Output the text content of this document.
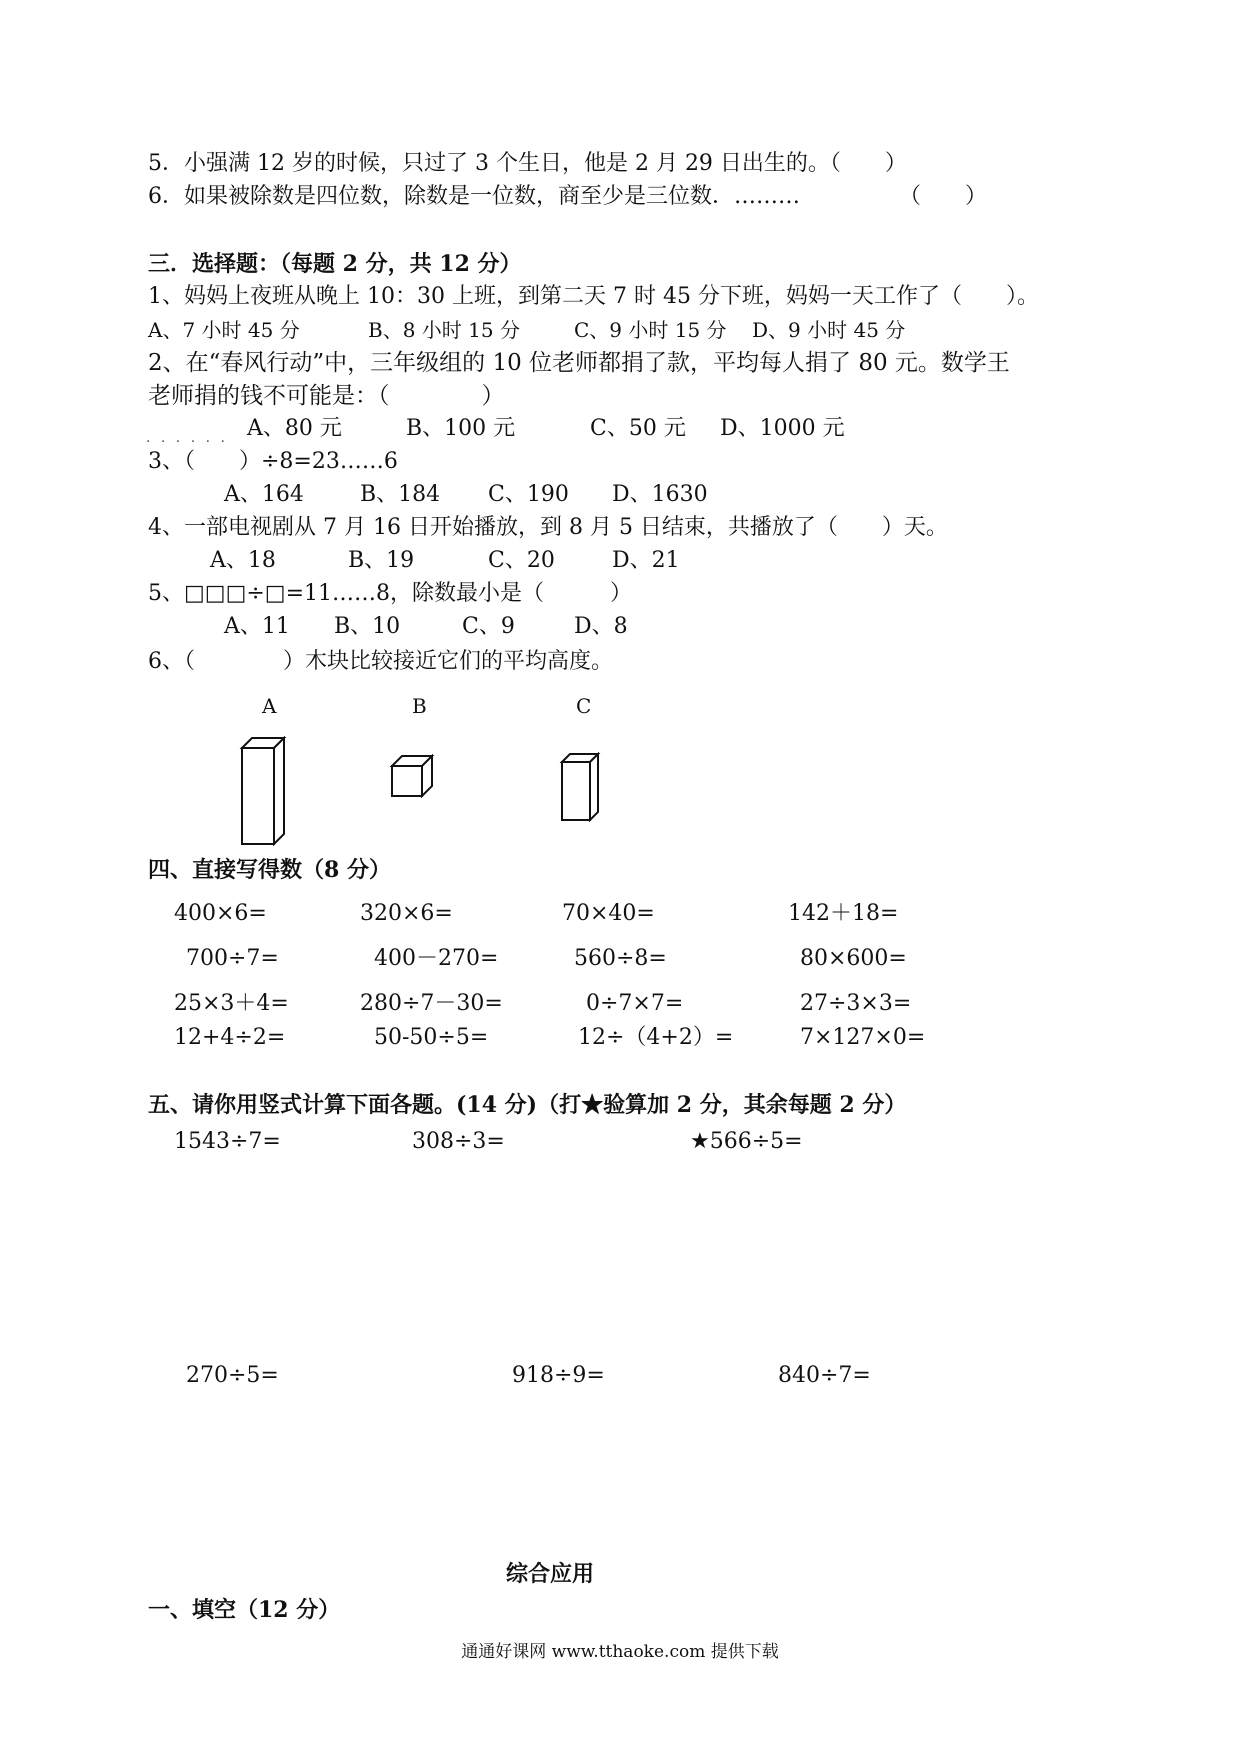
5．小强满 12 岁的时候，只过了 3 个生日，他是 2 月 29 日出生的。（　　）
6．如果被除数是四位数，除数是一位数，商至少是三位数．………　　　　　（　　）
三．选择题：（每题 2 分，共 12 分）
1、妈妈上夜班从晚上 10：30 上班，到第二天 7 时 45 分下班，妈妈一天工作了（　　）。
A、7 小时 45 分	B、8 小时 15 分	C、9 小时 15 分 D、9 小时 45 分
2、在“春风行动”中，三年级组的 10 位老师都捐了款，平均每人捐了 80 元。数学王
老师捐的钱不可能是：（　　　　）
. . . . . . A、80 元	B、100 元	C、50 元 D、1000 元
3、（　　）÷8=23……6
A、164	B、184 C、190 D、1630
4、一部电视剧从 7 月 16 日开始播放，到 8 月 5 日结束，共播放了（　　）天。
A、18	B、19	C、20	D、21
5、□□□÷□=11……8，除数最小是（　　　）
A、11 B、10	C、9	D、8
6、（　　　　）木块比较接近它们的平均高度。
A	B	C
四、直接写得数（8 分）
400×6=	320×6=	70×40=	142＋18=
700÷7=	400－270=	560÷8=	80×600=
25×3＋4=	280÷7－30=	0÷7×7=	27÷3×3=
12+4÷2=	50-50÷5=	12÷（4+2）=	7×127×0=
五、请你用竖式计算下面各题。(14 分)（打★验算加 2 分，其余每题 2 分）
1543÷7=	308÷3=	★566÷5=
270÷5=	918÷9=	840÷7=
综合应用
一、填空（12 分）
通通好课网 www.tthaoke.com 提供下载
